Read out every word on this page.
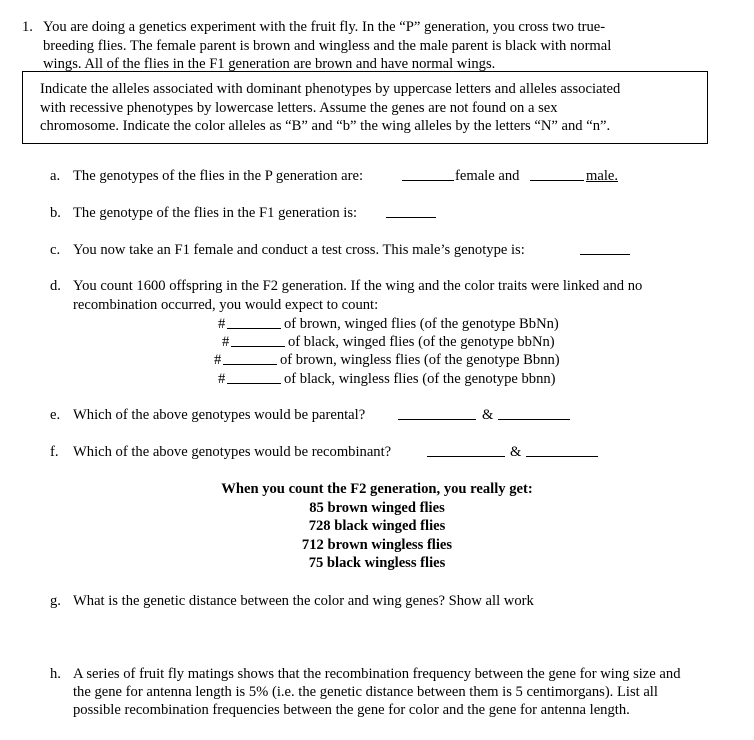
1. You are doing a genetics experiment with the fruit fly. In the “P” generation, you cross two true-
breeding flies. The female parent is brown and wingless and the male parent is black with normal
wings. All of the flies in the F1 generation are brown and have normal wings.
Indicate the alleles associated with dominant phenotypes by uppercase letters and alleles associated
with recessive phenotypes by lowercase letters. Assume the genes are not found on a sex
chromosome. Indicate the color alleles as “B” and “b” the wing alleles by the letters “N” and “n”.
a. The genotypes of the flies in the P generation are:	female and	male.
b. The genotype of the flies in the F1 generation is:
c. You now take an F1 female and conduct a test cross. This male’s genotype is:
d. You count 1600 offspring in the F2 generation. If the wing and the color traits were linked and no
recombination occurred, you would expect to count:
#	of brown, winged flies (of the genotype BbNn)
#	of black, winged flies (of the genotype bbNn)
#	of brown, wingless flies (of the genotype Bbnn)
#	of black, wingless flies (of the genotype bbnn)
e. Which of the above genotypes would be parental?	&
f. Which of the above genotypes would be recombinant?	&
When you count the F2 generation, you really get:
85 brown winged flies
728 black winged flies
712 brown wingless flies
75 black wingless flies
g. What is the genetic distance between the color and wing genes? Show all work
h. A series of fruit fly matings shows that the recombination frequency between the gene for wing size and
the gene for antenna length is 5% (i.e. the genetic distance between them is 5 centimorgans). List all
possible recombination frequencies between the gene for color and the gene for antenna length.
